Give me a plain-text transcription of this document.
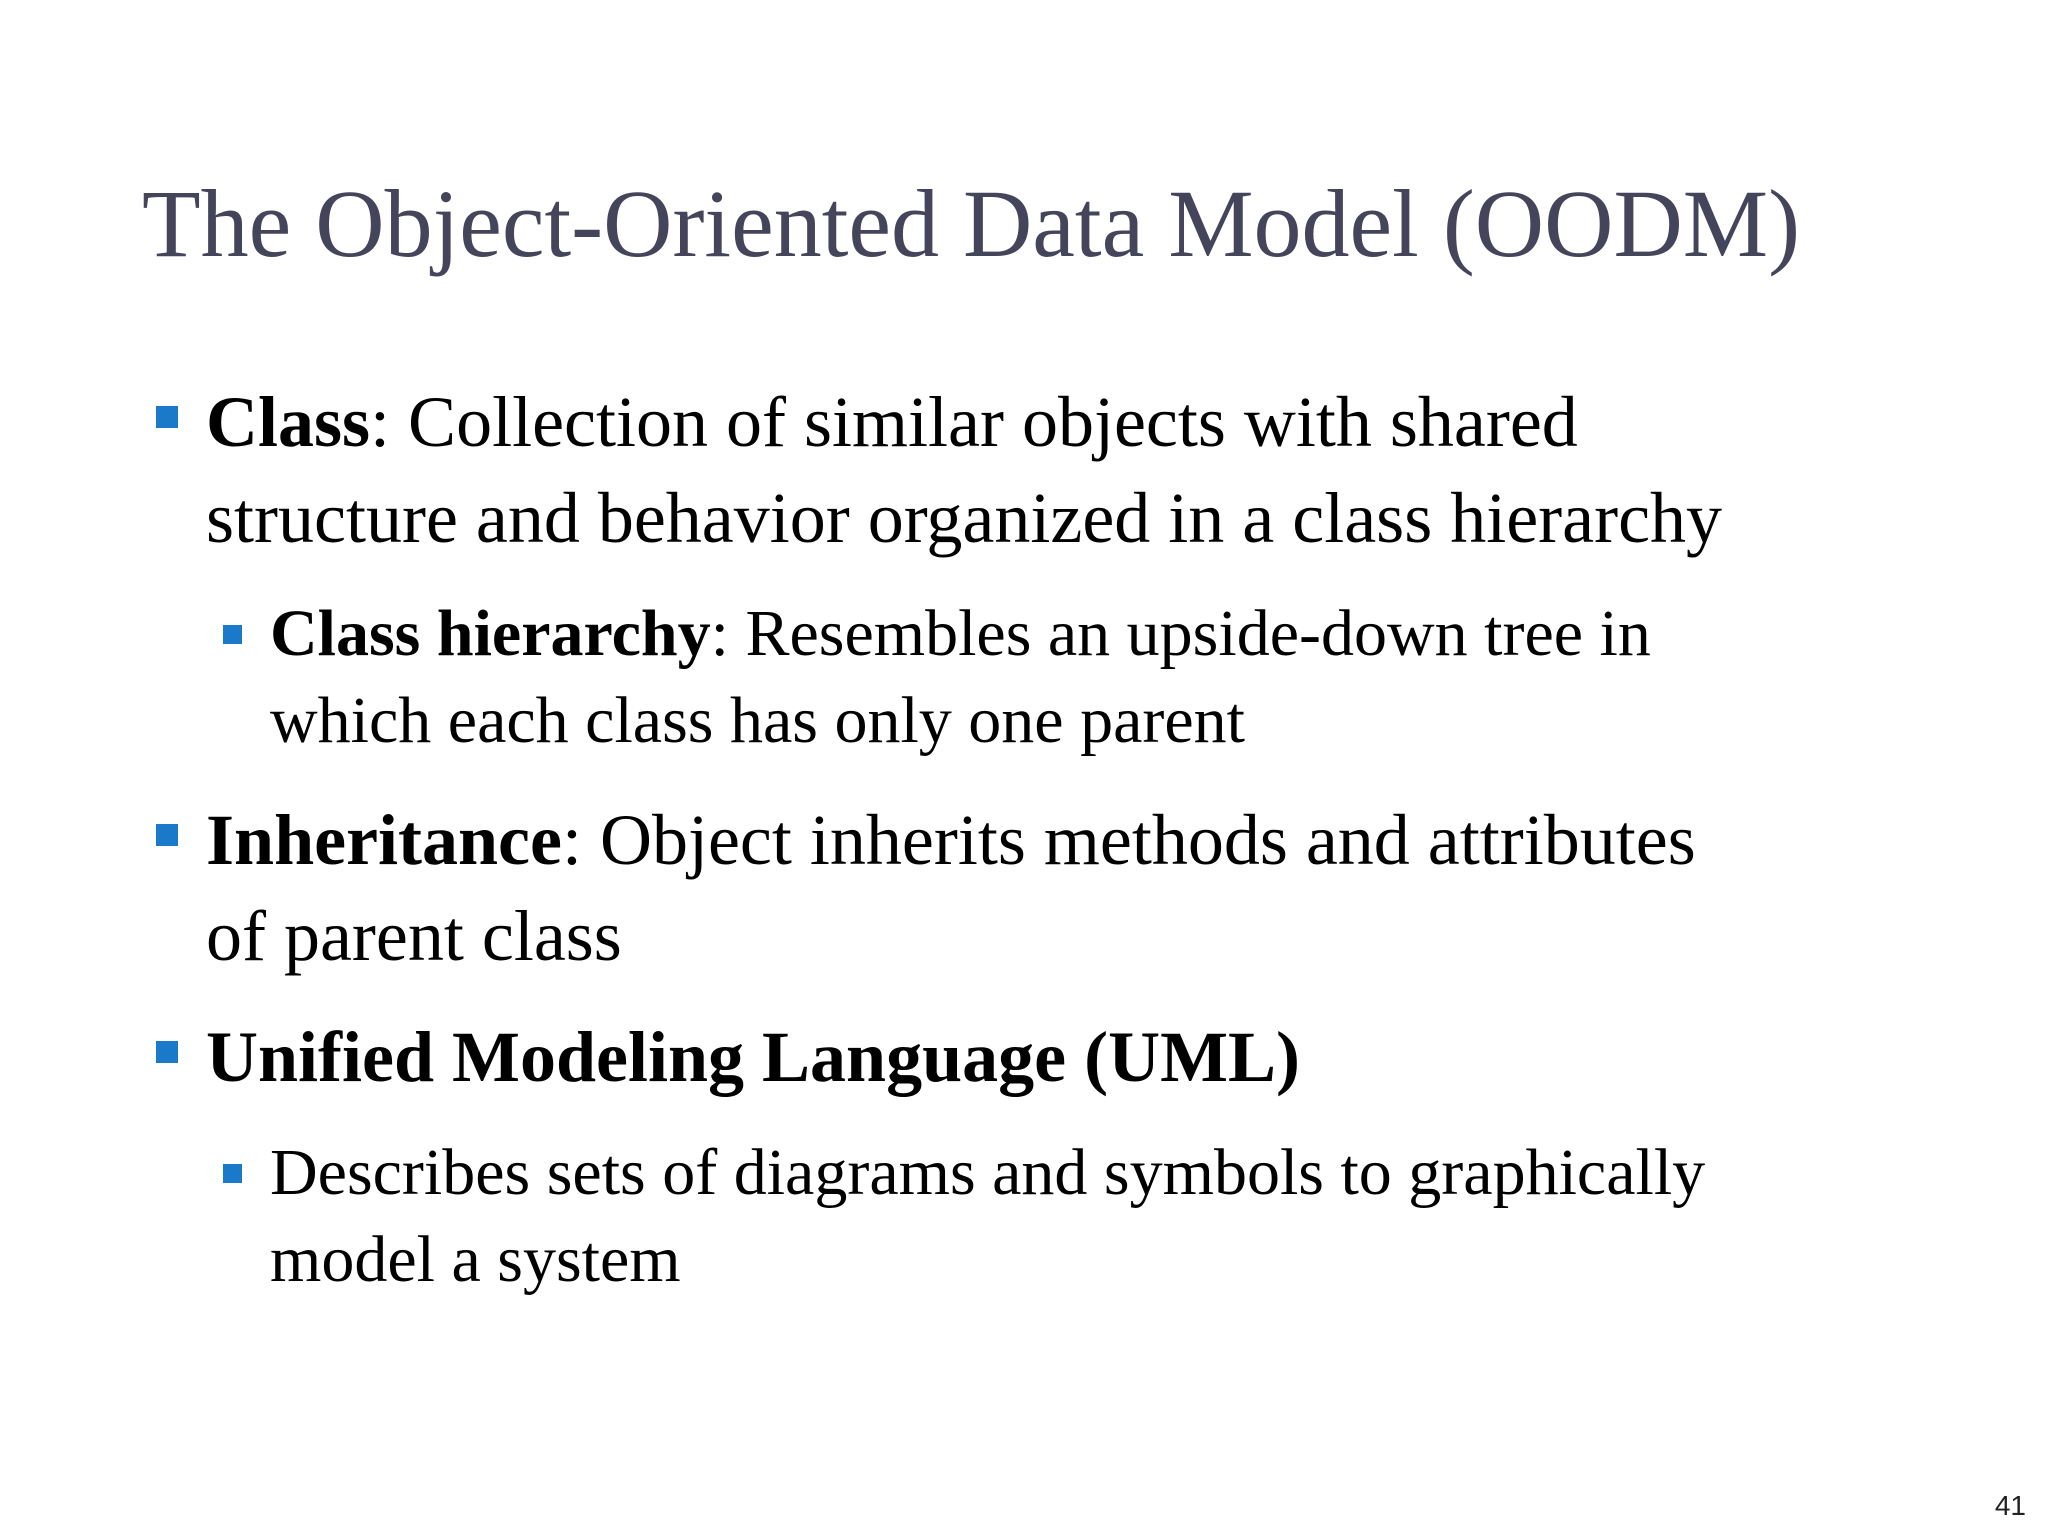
The Object-Oriented Data Model (OODM)
Class: Collection of similar objects with shared
structure and behavior organized in a class hierarchy
Class hierarchy: Resembles an upside-down tree in
which each class has only one parent
Inheritance: Object inherits methods and attributes
of parent class
Unified Modeling Language (UML)
Describes sets of diagrams and symbols to graphically
model a system
41
